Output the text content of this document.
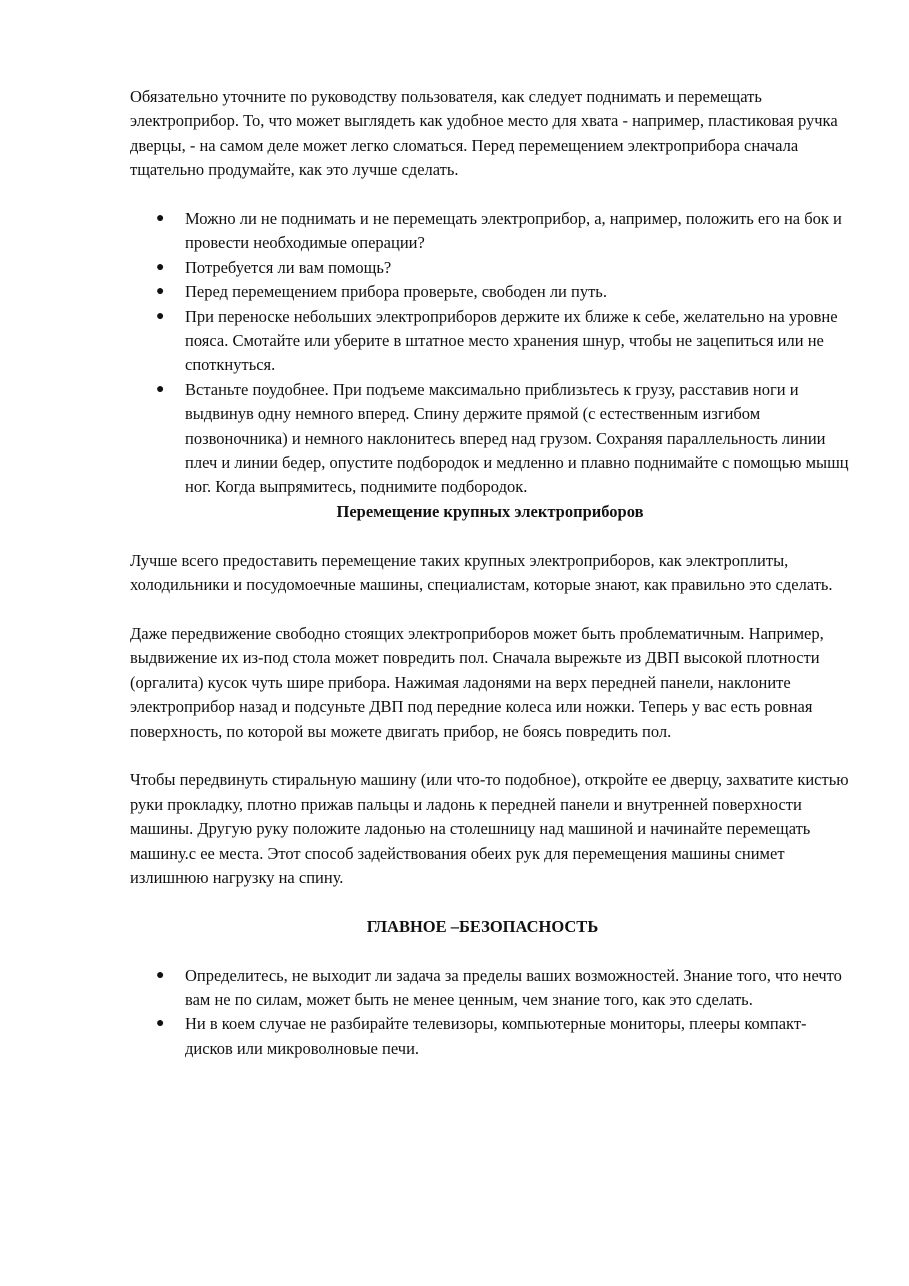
Обязательно уточните по руководству пользователя, как следует поднимать и перемещать электроприбор. То, что может выглядеть как удобное место для хвата - например, пластиковая ручка дверцы, - на самом деле может легко сломаться. Перед перемещением электроприбора сначала тщательно продумайте, как это лучше сделать.

● Можно ли не поднимать и не перемещать электроприбор, а, например, положить его на бок и провести необходимые операции?
● Потребуется ли вам помощь?
● Перед перемещением прибора проверьте, свободен ли путь.
● При переноске небольших электроприборов держите их ближе к себе, желательно на уровне пояса. Смотайте или уберите в штатное место хранения шнур, чтобы не зацепиться или не споткнуться.
● Встаньте поудобнее. При подъеме максимально приблизьтесь к грузу, расставив ноги и выдвинув одну немного вперед. Спину держите прямой (с естественным изгибом позвоночника) и немного наклонитесь вперед над грузом. Сохраняя параллельность линии плеч и линии бедер, опустите подбородок и медленно и плавно поднимайте с помощью мышц ног. Когда выпрямитесь, поднимите подбородок.

Перемещение крупных электроприборов

Лучше всего предоставить перемещение таких крупных электроприборов, как электроплиты, холодильники и посудомоечные машины, специалистам, которые знают, как правильно это сделать.

Даже передвижение свободно стоящих электроприборов может быть проблематичным. Например, выдвижение их из-под стола может повредить пол. Сначала вырежьте из ДВП высокой плотности (оргалита) кусок чуть шире прибора. Нажимая ладонями на верх передней панели, наклоните электроприбор назад и подсуньте ДВП под передние колеса или ножки. Теперь у вас есть ровная поверхность, по которой вы можете двигать прибор, не боясь повредить пол.

Чтобы передвинуть стиральную машину (или что-то подобное), откройте ее дверцу, захватите кистью руки прокладку, плотно прижав пальцы и ладонь к передней панели и внутренней поверхности машины. Другую руку положите ладонью на столешницу над машиной и начинайте перемещать машину.с ее места. Этот способ задействования обеих рук для перемещения машины снимет излишнюю нагрузку на спину.

ГЛАВНОЕ –БЕЗОПАСНОСТЬ

● Определитесь, не выходит ли задача за пределы ваших возможностей. Знание того, что нечто вам не по силам, может быть не менее ценным, чем знание того, как это сделать.
● Ни в коем случае не разбирайте телевизоры, компьютерные мониторы, плееры компакт-дисков или микроволновые печи.
